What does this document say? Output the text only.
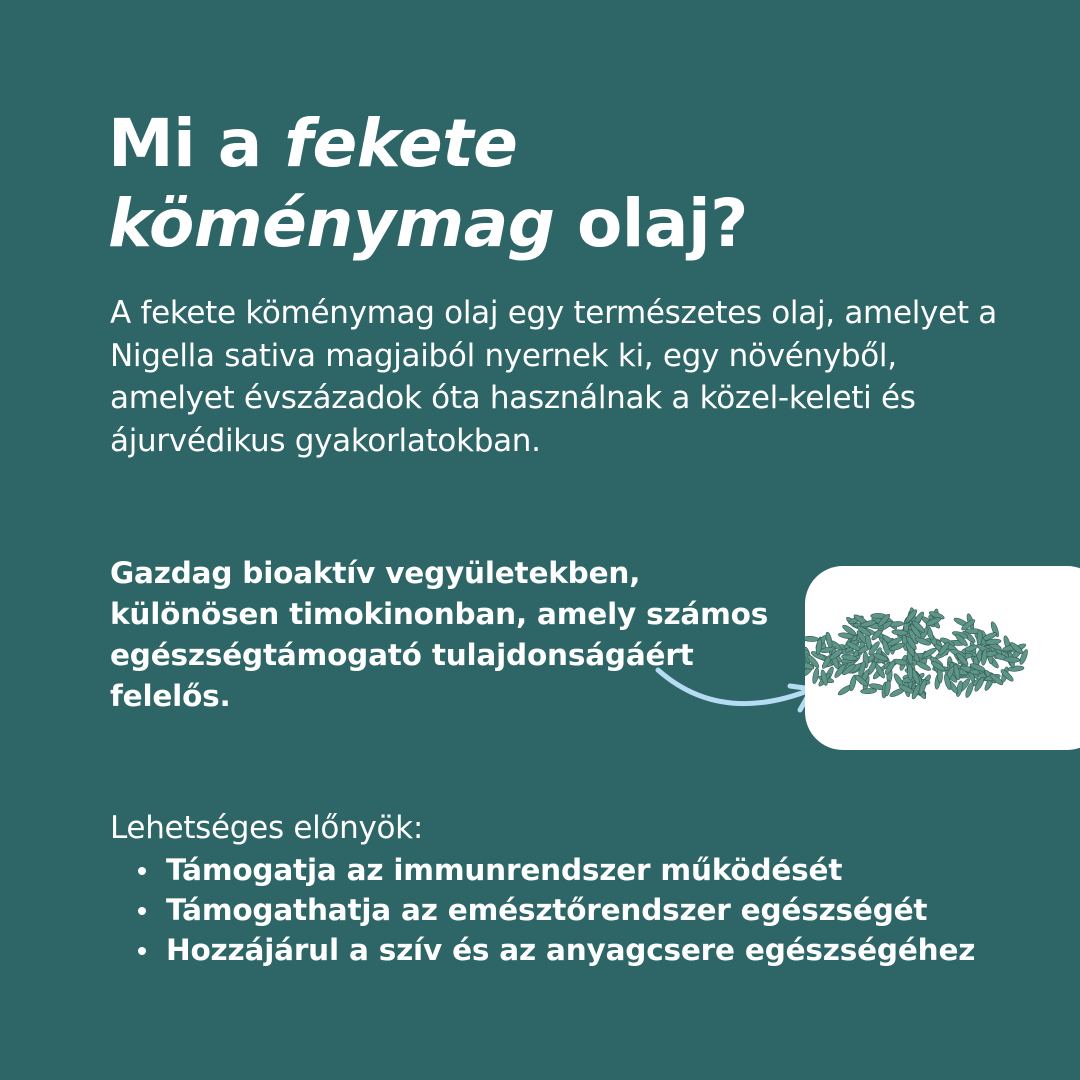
Mi a fekete
köménymag olaj?

A fekete köménymag olaj egy természetes olaj, amelyet a Nigella sativa magjaiból nyernek ki, egy növényből, amelyet évszázadok óta használnak a közel-keleti és ájurvédikus gyakorlatokban.

Gazdag bioaktív vegyületekben, különösen timokinonban, amely számos egészségtámogató tulajdonságáért felelős.

Lehetséges előnyök:

Támogatja az immunrendszer működését
Támogathatja az emésztőrendszer egészségét
Hozzájárul a szív és az anyagcsere egészségéhez
